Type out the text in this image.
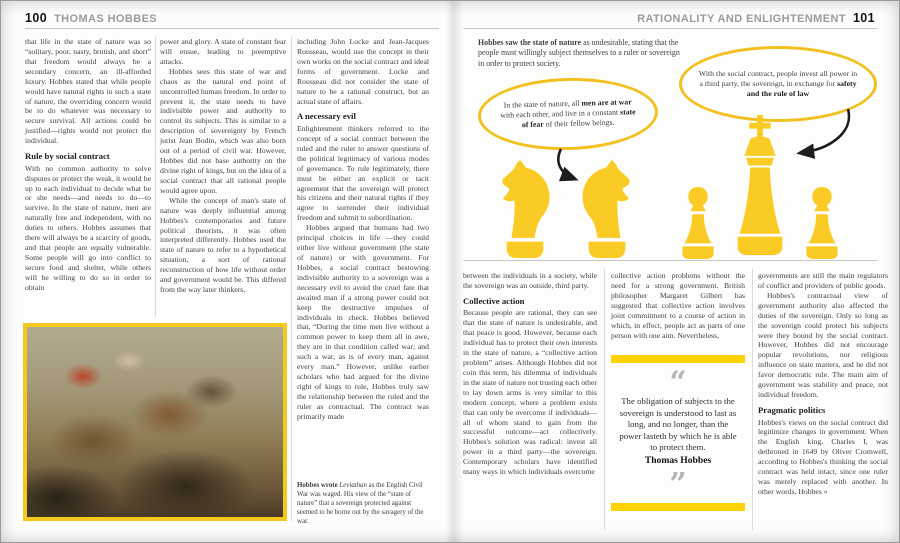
100 THOMAS HOBBES	RATIONALITY AND ENLIGHTENMENT 101

that life in the state of nature was so “solitary, poor, nasty, brutish, and short” that freedom would always be a secondary concern, an ill-afforded luxury. Hobbes stated that while people would have natural rights in such a state of nature, the overriding concern would be to do whatever was necessary to secure survival. All actions could be justified—rights would not protect the individual.

Rule by social contract

With no common authority to solve disputes or protect the weak, it would be up to each individual to decide what he or she needs—and needs to do—to survive. In the state of nature, men are naturally free and independent, with no duties to others. Hobbes assumes that there will always be a scarcity of goods, and that people are equally vulnerable. Some people will go into conflict to secure food and shelter, while others will be willing to do so in order to obtain

power and glory. A state of constant fear will ensue, leading to preemptive attacks.

Hobbes sees this state of war and chaos as the natural end point of uncontrolled human freedom. In order to prevent it, the state needs to have indivisible power and authority to control its subjects. This is similar to a description of sovereignty by French jurist Jean Bodin, which was also born out of a period of civil war. However, Hobbes did not base authority on the divine right of kings, but on the idea of a social contract that all rational people would agree upon.

While the concept of man's state of nature was deeply influential among Hobbes's contemporaries and future political theorists, it was often interpreted differently. Hobbes used the state of nature to refer to a hypothetical situation, a sort of rational reconstruction of how life without order and government would be. This differed from the way later thinkers,

including John Locke and Jean-Jacques Rousseau, would use the concept in their own works on the social contract and ideal forms of government. Locke and Rousseau did not consider the state of nature to be a rational construct, but an actual state of affairs.

A necessary evil

Enlightenment thinkers referred to the concept of a social contract between the ruled and the ruler to answer questions of the political legitimacy of various modes of governance. To rule legitimately, there must be either an explicit or tacit agreement that the sovereign will protect his citizens and their natural rights if they agree to surrender their individual freedom and submit to subordination.

Hobbes argued that humans had two principal choices in life —they could either live without government (the state of nature) or with government. For Hobbes, a social contract bestowing indivisible authority to a sovereign was a necessary evil to avoid the cruel fate that awaited man if a strong power could not keep the destructive impulses of individuals in check. Hobbes believed that, “During the time men live without a common power to keep them all in awe, they are in that condition called war; and such a war, as is of every man, against every man.” However, unlike earlier scholars who had argued for the divine right of kings to rule, Hobbes truly saw the relationship between the ruled and the ruler as contractual. The contract was primarily made

Hobbes wrote Leviathan as the English Civil War was waged. His view of the “state of nature” that a sovereign protected against seemed to be borne out by the savagery of the war.
Hobbes saw the state of nature as undesirable, stating that the people must willingly subject themselves to a ruler or sovereign in order to protect society.
In the state of nature, all men are at war with each other, and live in a constant state of fear of their fellow beings.
With the social contract, people invest all power in a third party, the sovereign, in exchange for safety and the rule of law

between the individuals in a society, while the sovereign was an outside, third party.

Collective action

Because people are rational, they can see that the state of nature is undesirable, and that peace is good. However, because each individual has to protect their own interests in the state of nature, a “collective action problem” arises. Although Hobbes did not coin this term, his dilemma of individuals in the state of nature not trusting each other to lay down arms is very similar to this modern concept, where a problem exists that can only be overcome if individuals—all of whom stand to gain from the successful outcome—act collectively. Hobbes's solution was radical: invest all power in a third party—the sovereign. Contemporary scholars have identified many ways in which individuals overcome

collective action problems without the need for a strong government. British philosopher Margaret Gilbert has suggested that collective action involves joint commitment to a course of action in which, in effect, people act as parts of one person with one aim. Nevertheless,

“
The obligation of subjects to the sovereign is understood to last as long, and no longer, than the power lasteth by which he is able to protect them.
Thomas Hobbes
”

governments are still the main regulators of conflict and providers of public goods.

Hobbes's contractual view of government authority also affected the duties of the sovereign. Only so long as the sovereign could protect his subjects were they bound by the social contract. However, Hobbes did not encourage popular revolutions, nor religious influence on state matters, and he did not favor democratic rule. The main aim of government was stability and peace, not individual freedom.

Pragmatic politics

Hobbes's views on the social contract did legitimize changes in government. When the English king, Charles I, was dethroned in 1649 by Oliver Cromwell, according to Hobbes's thinking the social contract was held intact, since one ruler was merely replaced with another. In other words, Hobbes »
